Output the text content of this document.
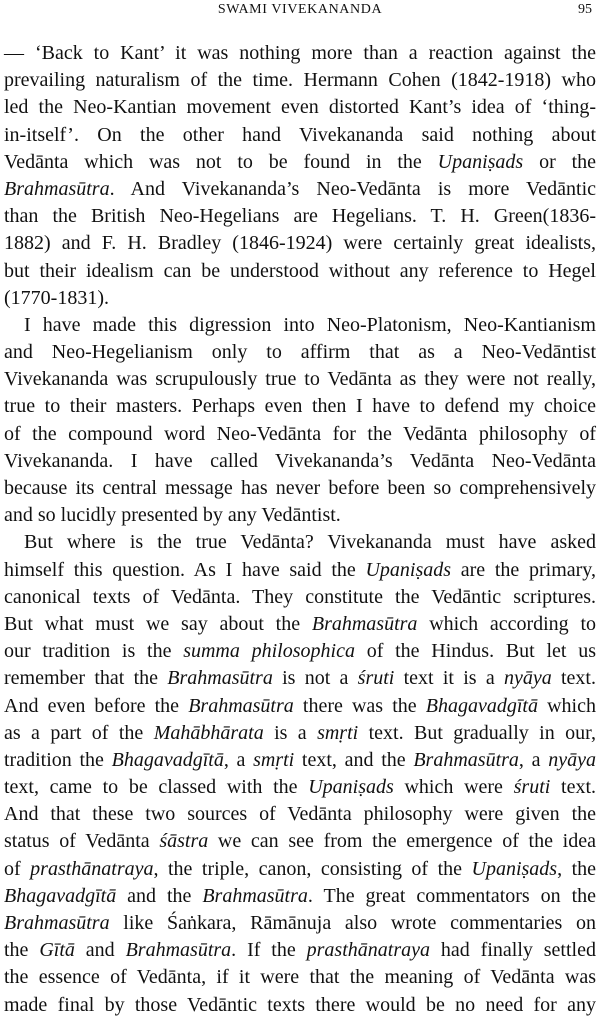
SWAMI VIVEKANANDA	95
— ‘Back to Kant’ it was nothing more than a reaction against the
prevailing naturalism of the time. Hermann Cohen (1842-1918) who
led the Neo-Kantian movement even distorted Kant’s idea of ‘thing-
in-itself’. On the other hand Vivekananda said nothing about
Vedānta which was not to be found in the Upaniṣads or the
Brahmasūtra. And Vivekananda’s Neo-Vedānta is more Vedāntic
than the British Neo-Hegelians are Hegelians. T. H. Green(1836-
1882) and F. H. Bradley (1846-1924) were certainly great idealists,
but their idealism can be understood without any reference to Hegel
(1770-1831).
I have made this digression into Neo-Platonism, Neo-Kantianism
and Neo-Hegelianism only to affirm that as a Neo-Vedāntist
Vivekananda was scrupulously true to Vedānta as they were not really,
true to their masters. Perhaps even then I have to defend my choice
of the compound word Neo-Vedānta for the Vedānta philosophy of
Vivekananda. I have called Vivekananda’s Vedānta Neo-Vedānta
because its central message has never before been so comprehensively
and so lucidly presented by any Vedāntist.
But where is the true Vedānta? Vivekananda must have asked
himself this question. As I have said the Upaniṣads are the primary,
canonical texts of Vedānta. They constitute the Vedāntic scriptures.
But what must we say about the Brahmasūtra which according to
our tradition is the summa philosophica of the Hindus. But let us
remember that the Brahmasūtra is not a śruti text it is a nyāya text.
And even before the Brahmasūtra there was the Bhagavadgītā which
as a part of the Mahābhārata is a smṛti text. But gradually in our,
tradition the Bhagavadgītā, a smṛti text, and the Brahmasūtra, a nyāya
text, came to be classed with the Upaniṣads which were śruti text.
And that these two sources of Vedānta philosophy were given the
status of Vedānta śāstra we can see from the emergence of the idea
of prasthānatraya, the triple, canon, consisting of the Upaniṣads, the
Bhagavadgītā and the Brahmasūtra. The great commentators on the
Brahmasūtra like Śaṅkara, Rāmānuja also wrote commentaries on
the Gītā and Brahmasūtra. If the prasthānatraya had finally settled
the essence of Vedānta, if it were that the meaning of Vedānta was
made final by those Vedāntic texts there would be no need for any
